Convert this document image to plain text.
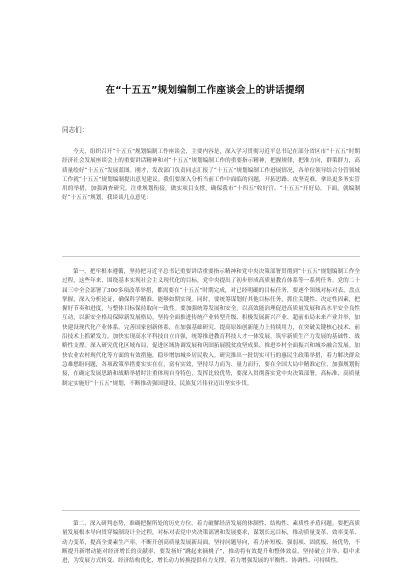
在“十五五”规划编制工作座谈会上的讲话提纲
同志们：

今天，组织召开“十五五”规划编制工作座谈会，主要内容是，深入学习贯彻习近平总书记在部分省区市“十五五”时期经济社会发展座谈会上的重要讲话精神和对“十五五”规划编制工作的重要指示精神，把握规律，把准方向，群策群力，高质量绘好“十五五”发展蓝图。刚才，发改部门负责同志汇报了“十五五”规划编制工作进展情况，各单位领导结合分管领域工作就“十五五”规划编制提出意见建议。我们要深入分析当前工作中面临的问题，开拓思路、攻坚克难，拿出更多务实管用的举措，加强调查研究，注重规划衔接，做实项目支撑，确保我市“十四五”收好官、“十五五”开好局。下面，就编制好“十五五”规划，我谈谈几点意见：

第一，把牢根本遵循，坚持把习近平总书记重要讲话重要指示精神和党中央决策部署贯彻到“十五五”规划编制工作全过程，这些年来，围绕基本实现社会主义现代化的目标，党中央提出了初步形成高质量教育体系等一系列任务。党的二十届三中全会部署了300多项改革举措，都需要在“十五五”时期完成，对已经明确的目标任务，要逐个领域对标对表、盘点掌握，深入分析论证，确保科学精准、能够如期实现。同时，要统筹谋划好其他目标任务，抓住关键性、决定性因素，把握好节奏和进度，与整体目标保持取向一致性。要加强统筹发展和安全，以高效能治理促进高质量发展和高水平安全良性互动，以新安全格局保障新发展格局。坚持全面推进传统产业转型升级、积极发展新兴产业、超前布局未来产业并举，加快建设现代化产业体系。完善国家创新体系，在加强基础研究、提高原始创新能力上持续用力，在突破关键核心技术、前沿技术上抓紧发力，加快实现高水平科技自立自强，统筹推进教育科技人才一体发展。筑牢新质生产力发展的基础性、战略性支撑。深入研究优化区域布局，促进区域协调发展和巩固拓展脱贫攻坚成果、推进乡村全面振兴和城乡融合发展。加快农业农村现代化等方面的有效措施，稳步增加城乡居民收入。研究推出一批切实可行的惠民生政策举措，着力解决群众急难愁盼问题，各项政策举措要实实在在，富有实效，坚持尽力而为、量力而行，要在全国大局中精准定位，加强规划衔接，在确定发展思路和战略举措时注重体现自身特色，发挥比较优势，要深入贯彻落实党中央决策部署，高标准、高质量制定实施好“十五五”规划，不断推动强国建设、民族复兴伟业迈出坚实步伐。

第二，深入研判态势，准确把握所处的历史方位，着力破解经济发展的体制性、结构性、素质性矛盾问题。要把高质量发展根本导向贯穿编制设计全过程，对标对表党中央决策部署和发展要求，谋划长远目标，推动质量变革、效率变革、动力变革，提高全要素生产率，不断开创高质量发展新局面。坚持问题导向，着力补短板、强弱项、固底板、扬优势，不断提升新增动能对经济增长的贡献率，要发扬好“跳起来摘桃子”，推动将有效提升和整体效益，坚持破立并举、稳中求进，为发展方式转变、经济结构优化、增长动力转换提供有力支撑，着力增强发展的平衡性、协调性、可持续性。
